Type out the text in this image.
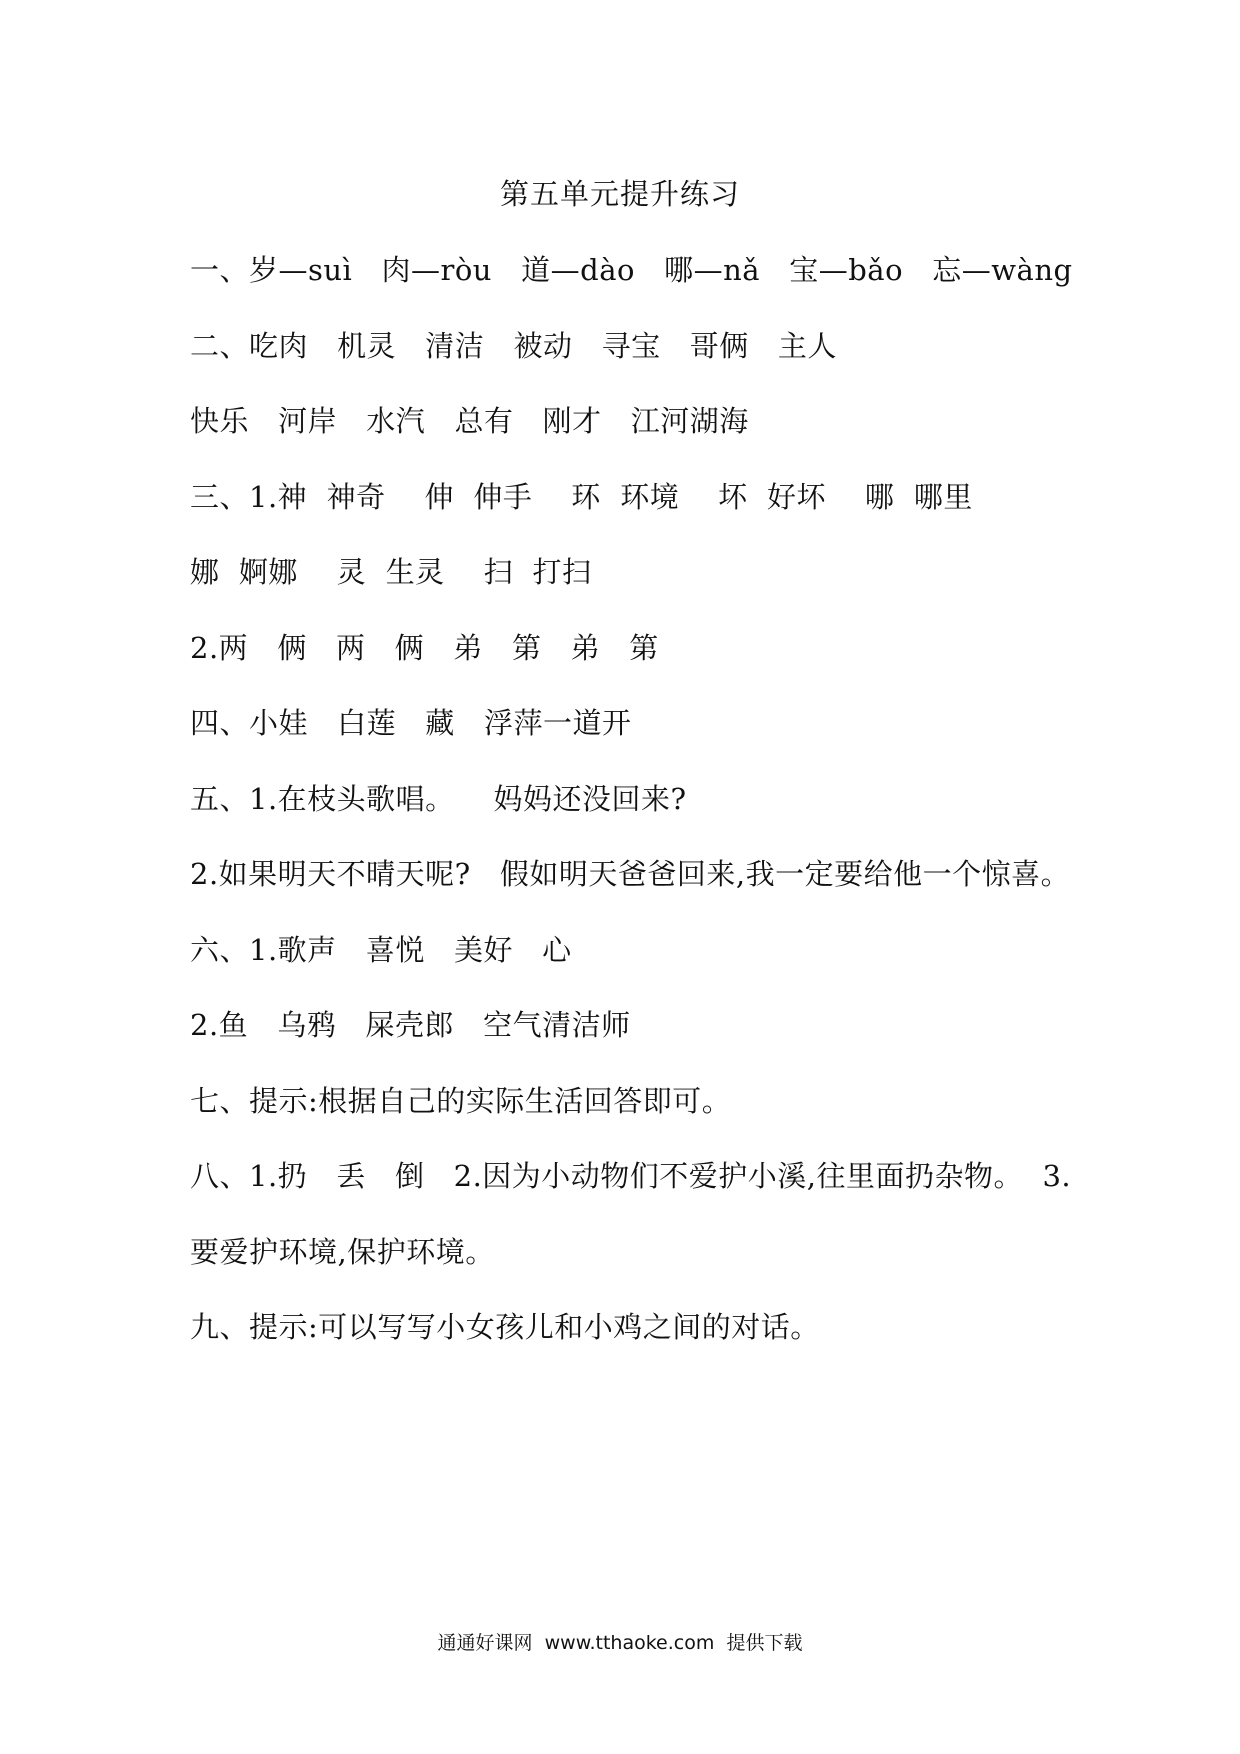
第五单元提升练习
一、岁—suì   肉—ròu   道—dào   哪—nǎ   宝—bǎo   忘—wàng
二、吃肉   机灵   清洁   被动   寻宝   哥俩   主人
快乐   河岸   水汽   总有   刚才   江河湖海
三、1.神  神奇    伸  伸手    环  环境    坏  好坏    哪  哪里
娜  婀娜    灵  生灵    扫  打扫
2.两   俩   两   俩   弟   第   弟   第
四、小娃   白莲   藏   浮萍一道开
五、1.在枝头歌唱。    妈妈还没回来?
2.如果明天不晴天呢?   假如明天爸爸回来,我一定要给他一个惊喜。
六、1.歌声   喜悦   美好   心
2.鱼   乌鸦   屎壳郎   空气清洁师
七、提示:根据自己的实际生活回答即可。
八、1.扔   丢   倒   2.因为小动物们不爱护小溪,往里面扔杂物。  3.
要爱护环境,保护环境。
九、提示:可以写写小女孩儿和小鸡之间的对话。
通通好课网  www.tthaoke.com  提供下载
